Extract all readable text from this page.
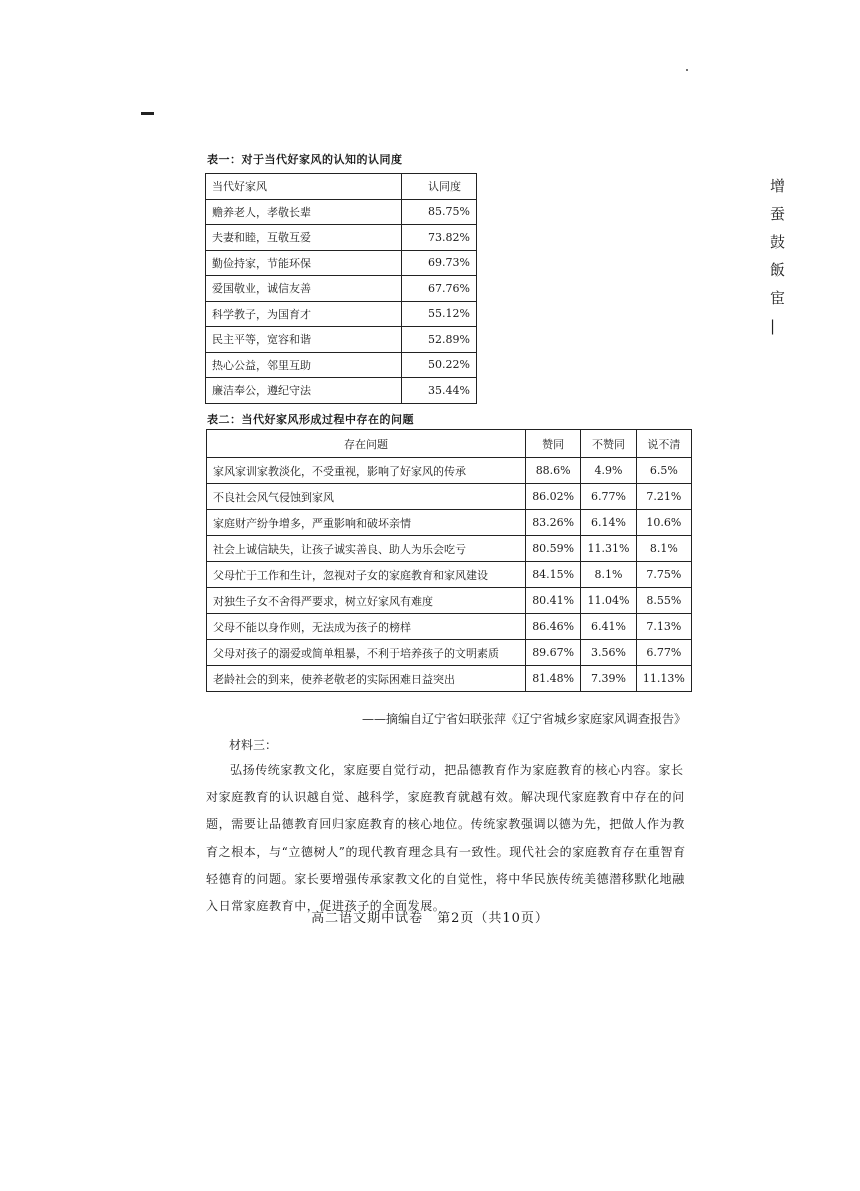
增
蚕
鼓
飯
宦
|
表一：对于当代好家风的认知的认同度
当代好家风	认同度
赡养老人，孝敬长辈	85.75%
夫妻和睦，互敬互爱	73.82%
勤俭持家，节能环保	69.73%
爱国敬业，诚信友善	67.76%
科学教子，为国育才	55.12%
民主平等，宽容和谐	52.89%
热心公益，邻里互助	50.22%
廉洁奉公，遵纪守法	35.44%
表二：当代好家风形成过程中存在的问题
存在问题	赞同	不赞同	说不清
家风家训家教淡化，不受重视，影响了好家风的传承	88.6%	4.9%	6.5%
不良社会风气侵蚀到家风	86.02%	6.77%	7.21%
家庭财产纷争增多，严重影响和破坏亲情	83.26%	6.14%	10.6%
社会上诚信缺失，让孩子诚实善良、助人为乐会吃亏	80.59%	11.31%	8.1%
父母忙于工作和生计，忽视对子女的家庭教育和家风建设	84.15%	8.1%	7.75%
对独生子女不舍得严要求，树立好家风有难度	80.41%	11.04%	8.55%
父母不能以身作则，无法成为孩子的榜样	86.46%	6.41%	7.13%
父母对孩子的溺爱或简单粗暴，不利于培养孩子的文明素质	89.67%	3.56%	6.77%
老龄社会的到来，使养老敬老的实际困难日益突出	81.48%	7.39%	11.13%
——摘编自辽宁省妇联张萍《辽宁省城乡家庭家风调查报告》
材料三：
弘扬传统家教文化，家庭要自觉行动，把品德教育作为家庭教育的核心内容。家长对家庭教育的认识越自觉、越科学，家庭教育就越有效。解决现代家庭教育中存在的问题，需要让品德教育回归家庭教育的核心地位。传统家教强调以德为先，把做人作为教育之根本，与“立德树人”的现代教育理念具有一致性。现代社会的家庭教育存在重智育轻德育的问题。家长要增强传承家教文化的自觉性，将中华民族传统美德潜移默化地融入日常家庭教育中，促进孩子的全面发展。
高二语文期中试卷　第2页（共10页）
